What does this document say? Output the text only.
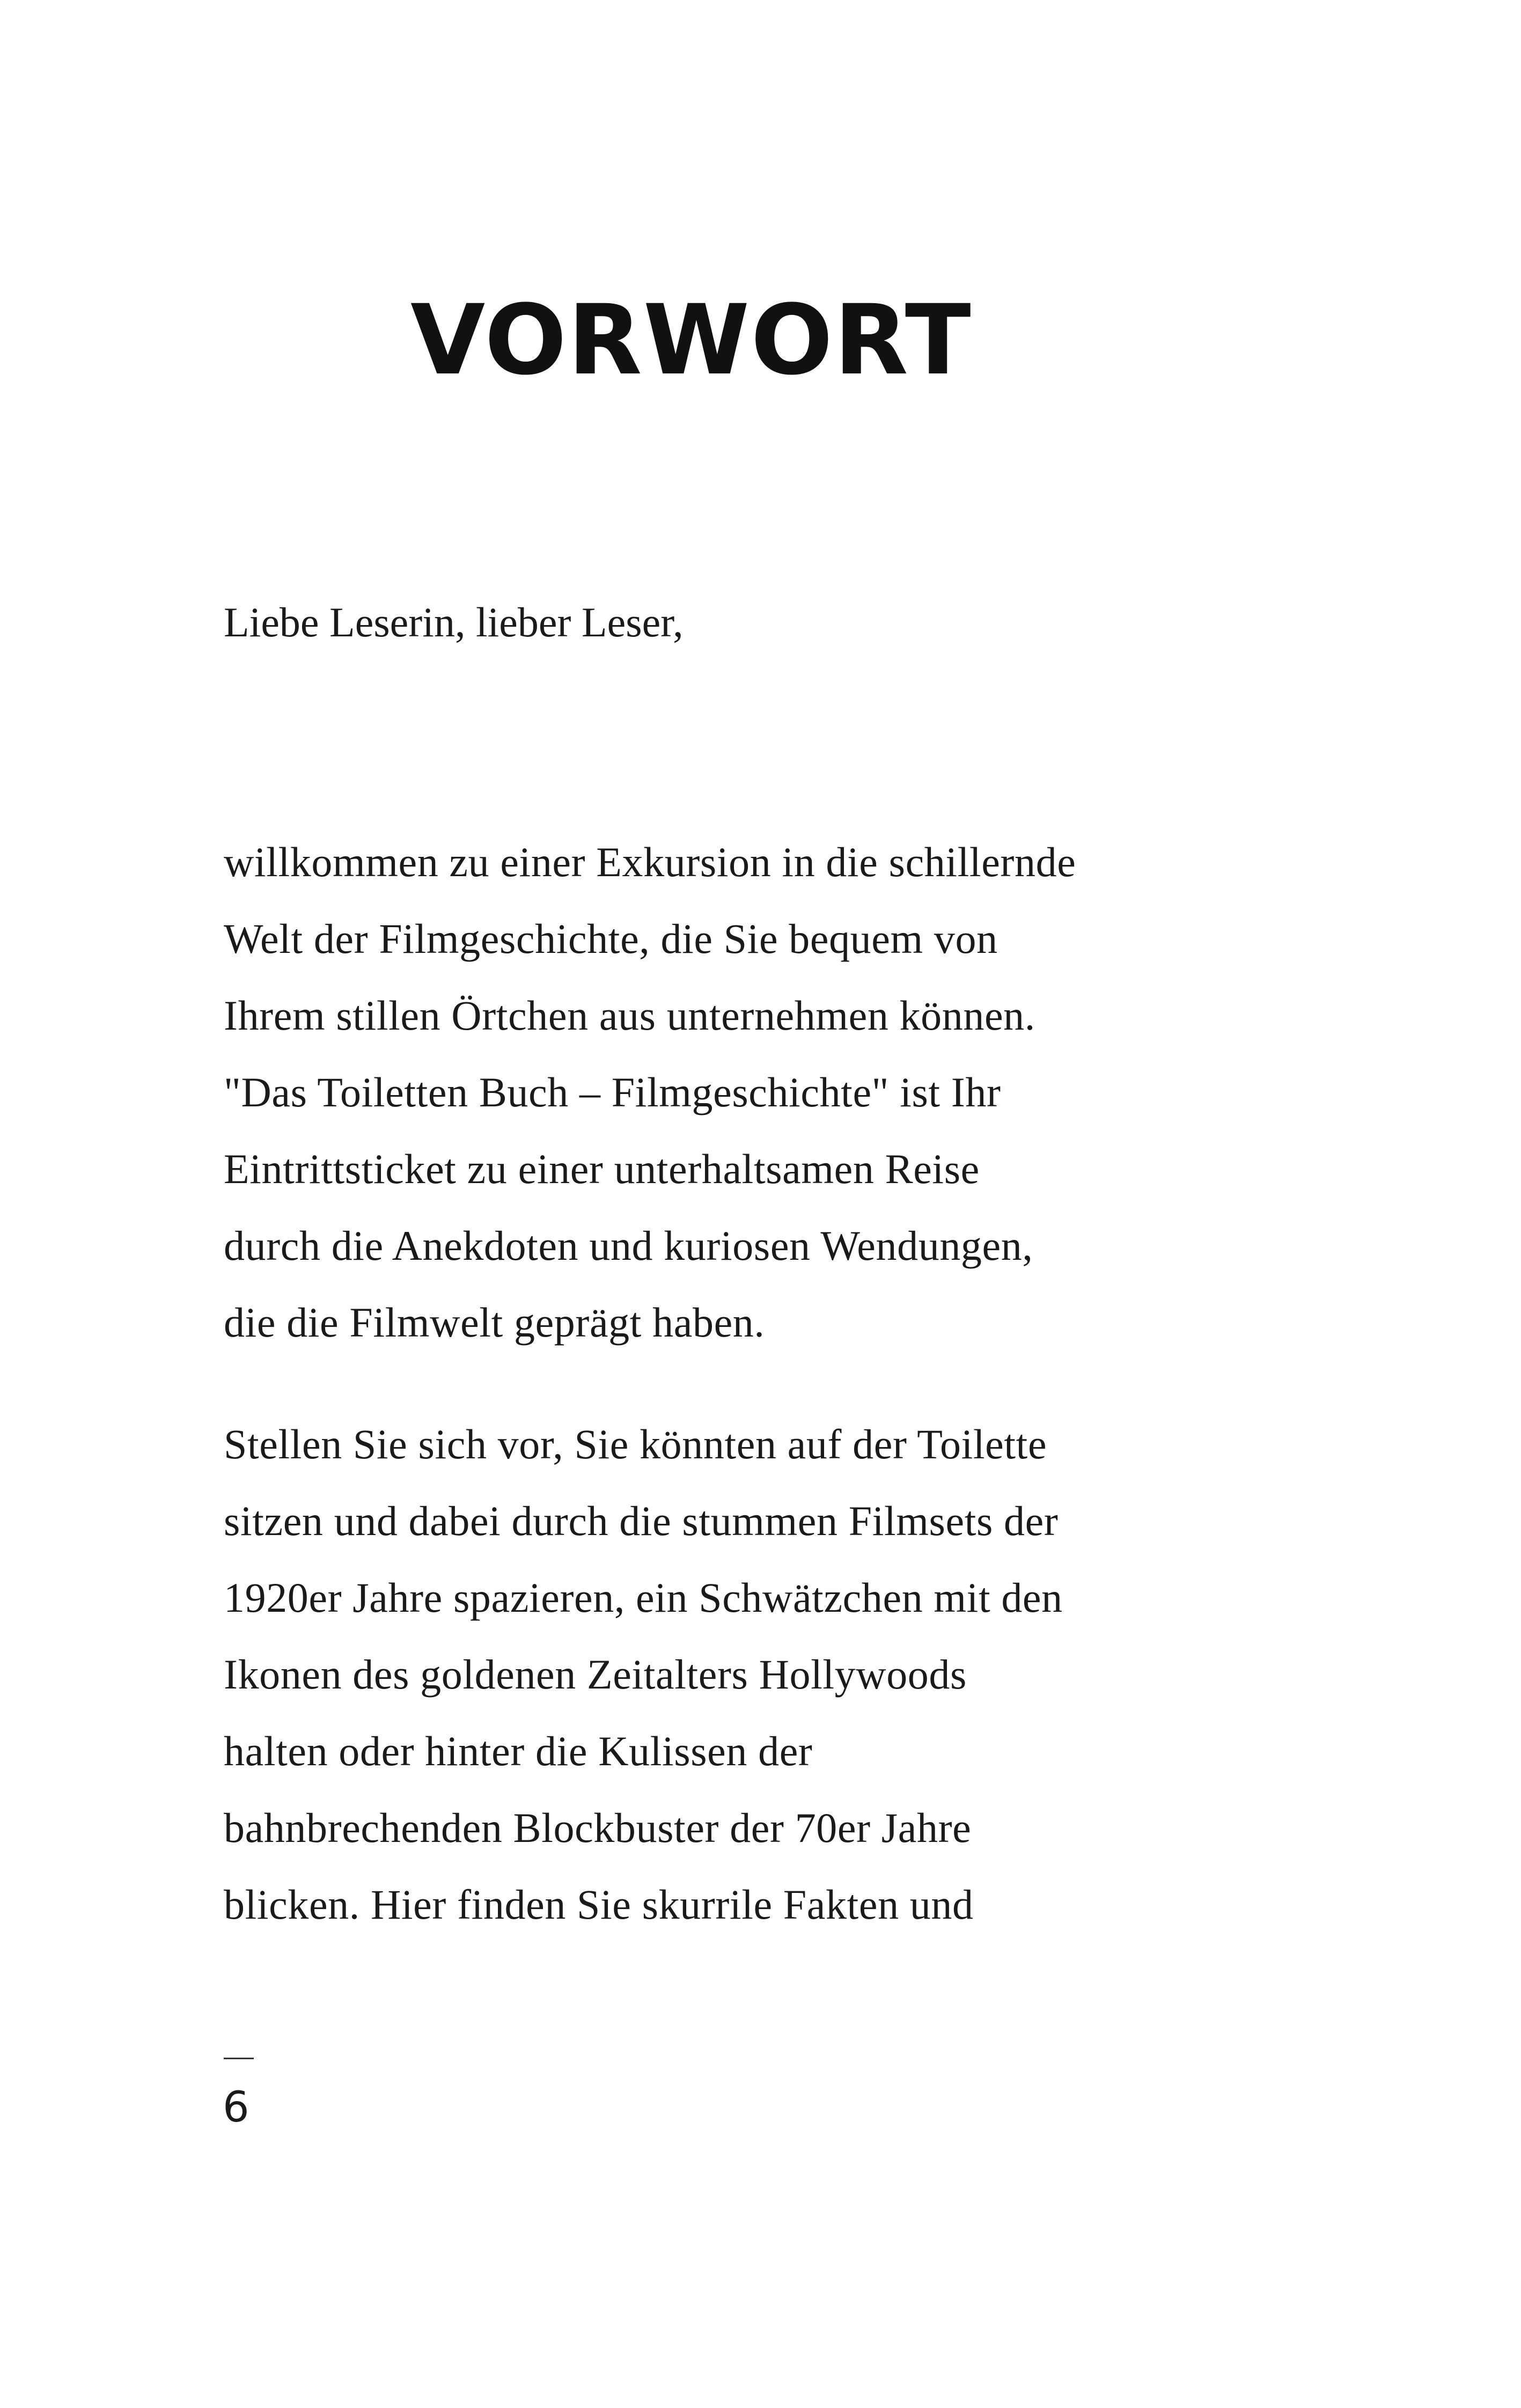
VORWORT

Liebe Leserin, lieber Leser,

willkommen zu einer Exkursion in die schillernde
Welt der Filmgeschichte, die Sie bequem von
Ihrem stillen Örtchen aus unternehmen können.
"Das Toiletten Buch – Filmgeschichte" ist Ihr
Eintrittsticket zu einer unterhaltsamen Reise
durch die Anekdoten und kuriosen Wendungen,
die die Filmwelt geprägt haben.

Stellen Sie sich vor, Sie könnten auf der Toilette
sitzen und dabei durch die stummen Filmsets der
1920er Jahre spazieren, ein Schwätzchen mit den
Ikonen des goldenen Zeitalters Hollywoods
halten oder hinter die Kulissen der
bahnbrechenden Blockbuster der 70er Jahre
blicken. Hier finden Sie skurrile Fakten und

6
